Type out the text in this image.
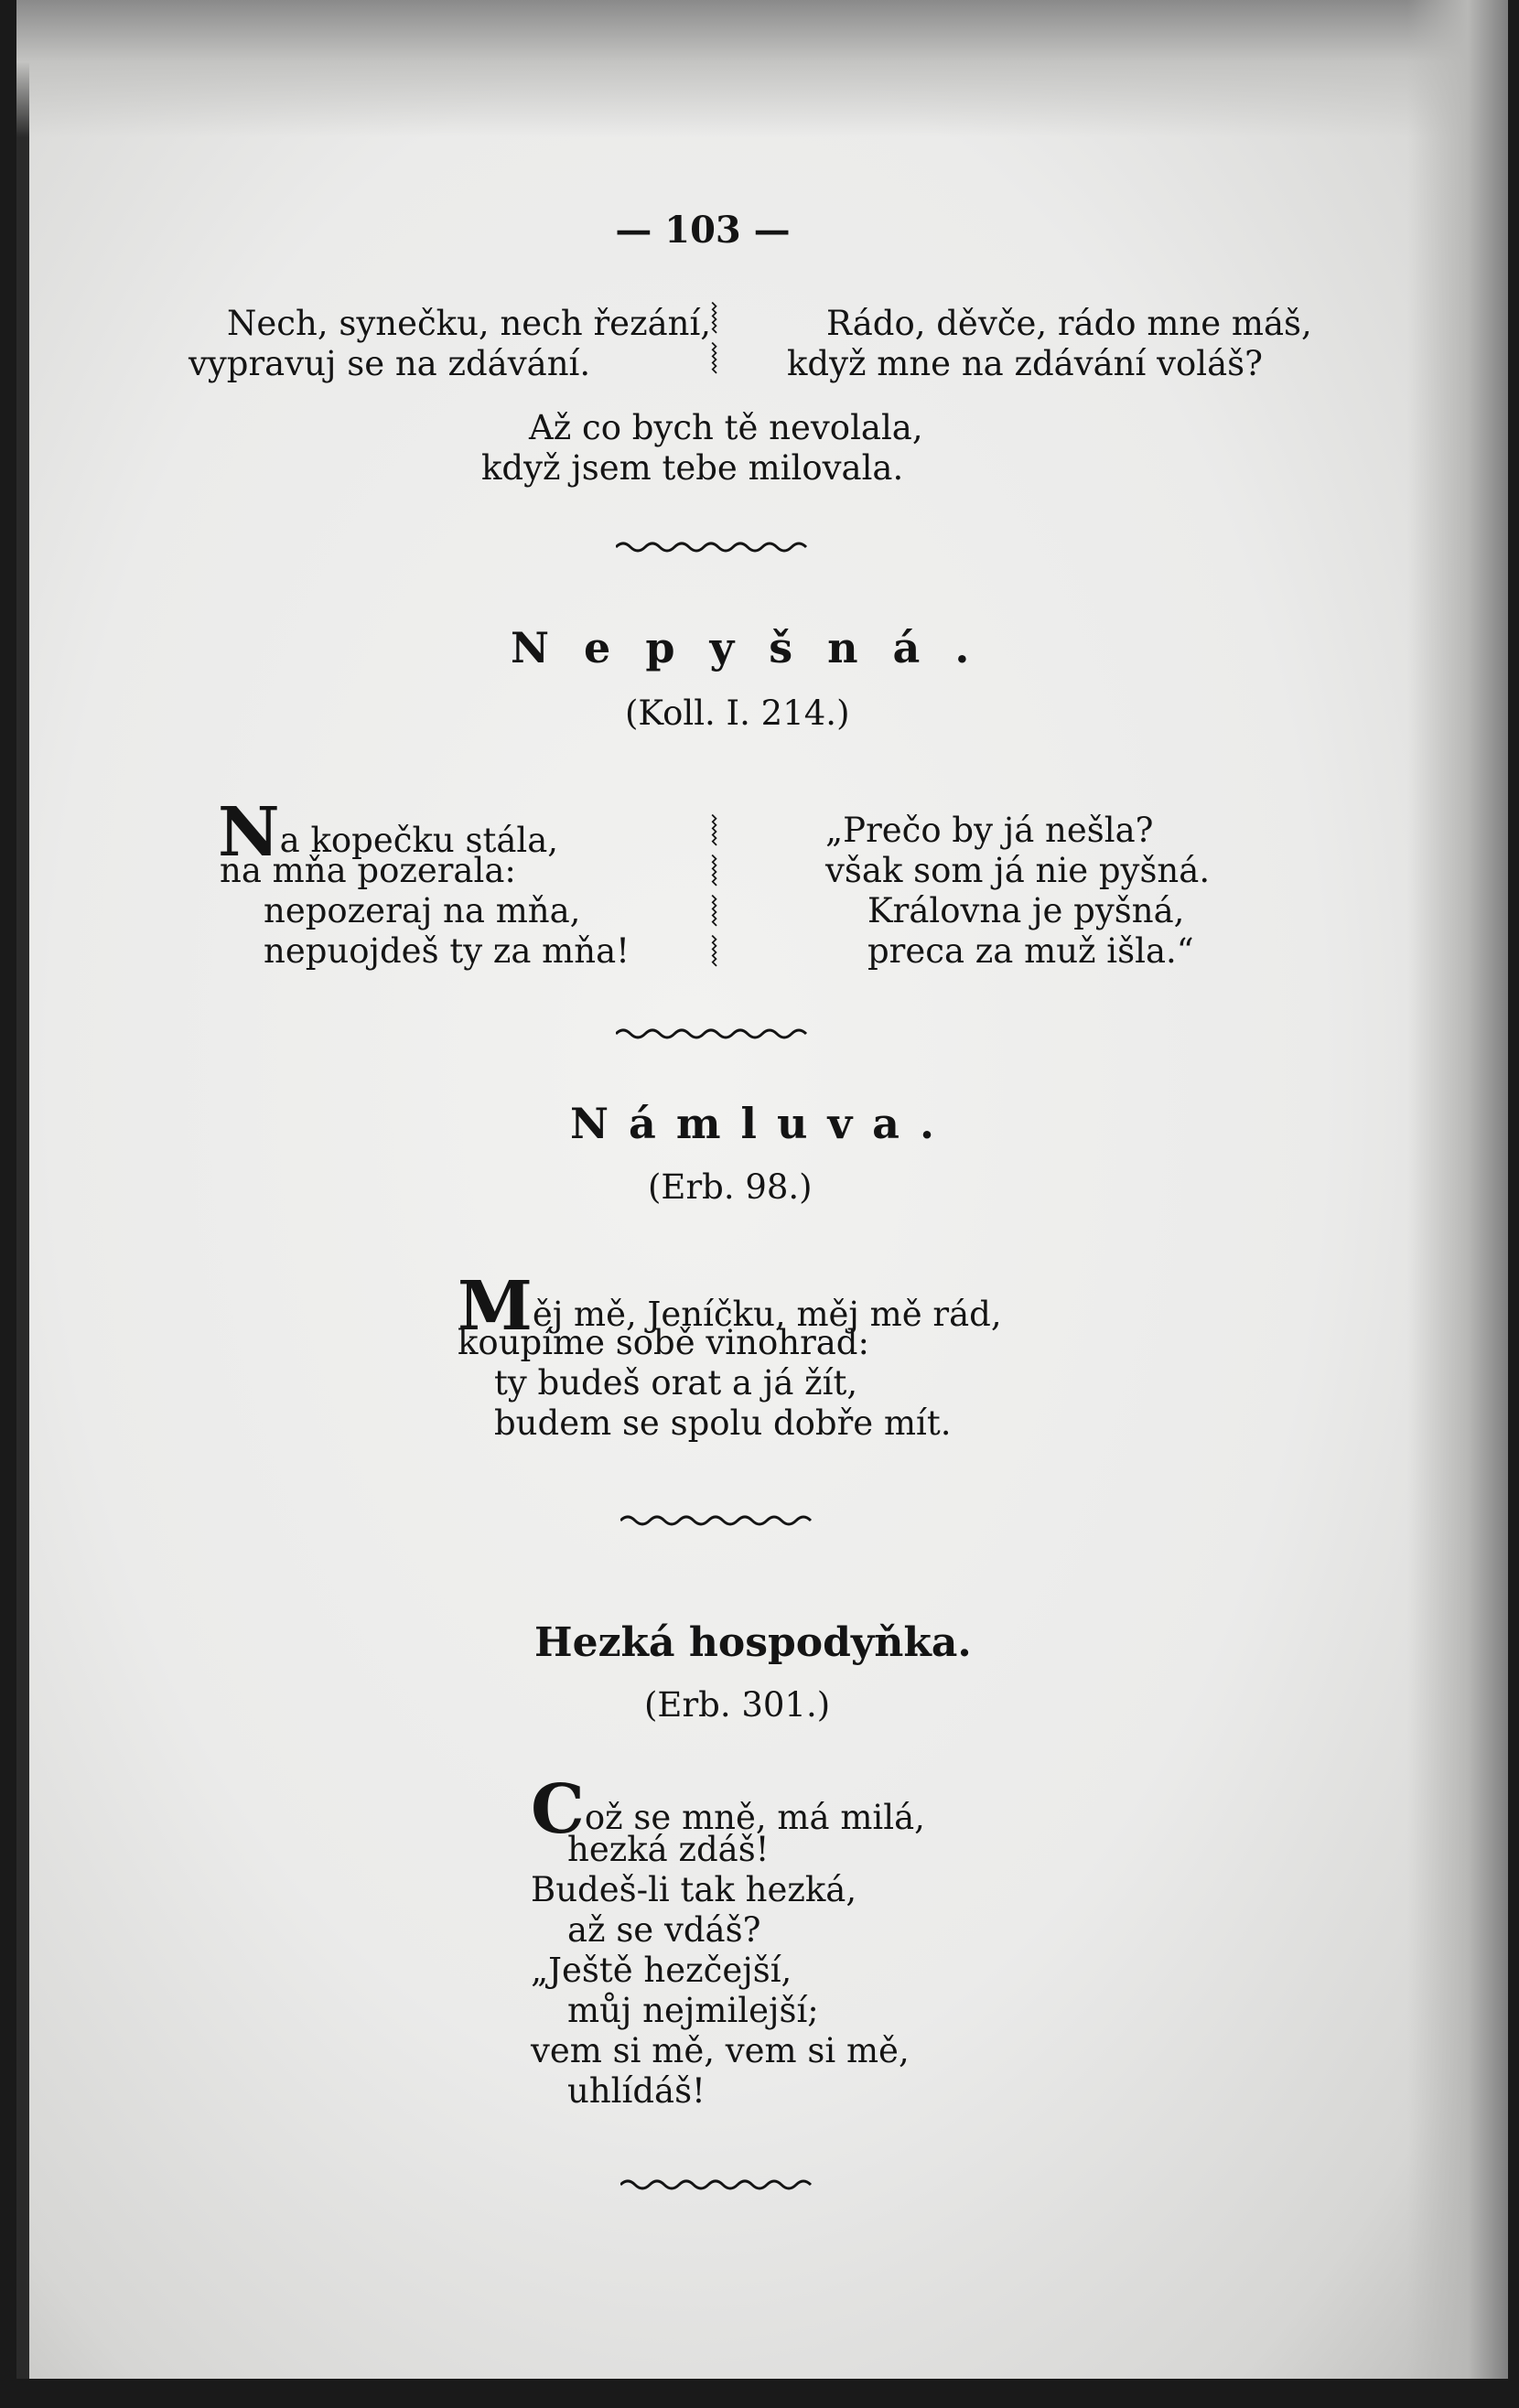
— 103 —
Nech, synečku, nech řezání,
vypravuj se na zdávání.
⦚
⦚
Rádo, děvče, rádo mne máš,
když mne na zdávání voláš?
Až co bych tě nevolala,
když jsem tebe milovala.
Nepyšná.
(Koll. I. 214.)
Na kopečku stála,
na mňa pozerala:
nepozeraj na mňa,
nepuojdeš ty za mňa!
⦚
⦚
⦚
⦚
„Prečo by já nešla?
však som já nie pyšná.
Královna je pyšná,
preca za muž išla.“
Námluva.
(Erb. 98.)
Měj mě, Jeníčku, měj mě rád,
koupíme sobě vinohrad:
ty budeš orat a já žít,
budem se spolu dobře mít.
Hezká hospodyňka.
(Erb. 301.)
Což se mně, má milá,
hezká zdáš!
Budeš-li tak hezká,
až se vdáš?
„Ještě hezčejší,
můj nejmilejší;
vem si mě, vem si mě,
uhlídáš!
